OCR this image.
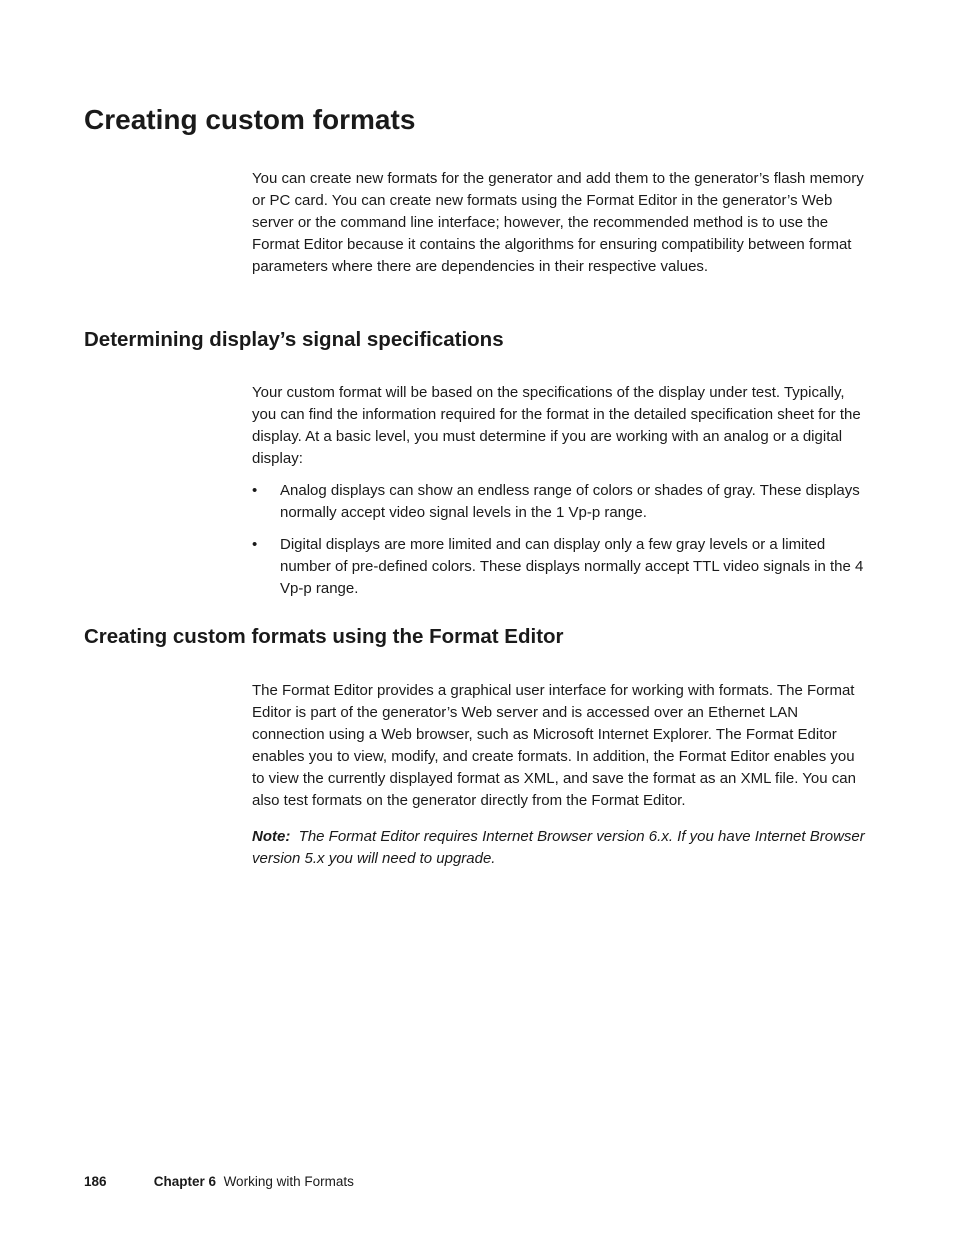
Creating custom formats

You can create new formats for the generator and add them to the generator’s flash memory or PC card. You can create new formats using the Format Editor in the generator’s Web server or the command line interface; however, the recommended method is to use the Format Editor because it contains the algorithms for ensuring compatibility between format parameters where there are dependencies in their respective values.

Determining display’s signal specifications

Your custom format will be based on the specifications of the display under test. Typically, you can find the information required for the format in the detailed specification sheet for the display. At a basic level, you must determine if you are working with an analog or a digital display:

• Analog displays can show an endless range of colors or shades of gray. These displays normally accept video signal levels in the 1 Vp-p range.
• Digital displays are more limited and can display only a few gray levels or a limited number of pre-defined colors. These displays normally accept TTL video signals in the 4 Vp-p range.
Creating custom formats using the Format Editor

The Format Editor provides a graphical user interface for working with formats. The Format Editor is part of the generator’s Web server and is accessed over an Ethernet LAN connection using a Web browser, such as Microsoft Internet Explorer. The Format Editor enables you to view, modify, and create formats. In addition, the Format Editor enables you to view the currently displayed format as XML, and save the format as an XML file. You can also test formats on the generator directly from the Format Editor.

Note: The Format Editor requires Internet Browser version 6.x. If you have Internet Browser version 5.x you will need to upgrade.

186	Chapter 6 Working with Formats
